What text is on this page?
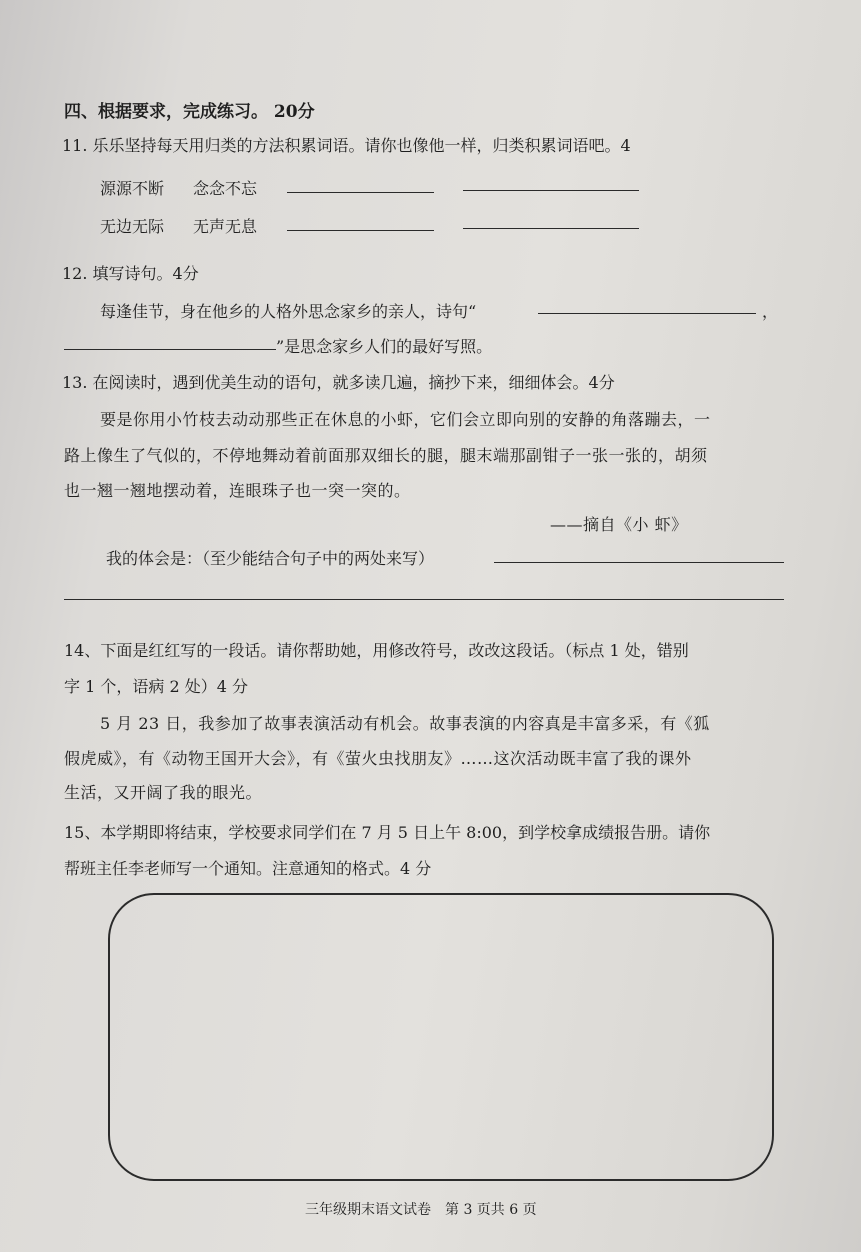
四、根据要求，完成练习。 20分
11. 乐乐坚持每天用归类的方法积累词语。请你也像他一样，归类积累词语吧。4
源源不断 念念不忘
无边无际 无声无息
12. 填写诗句。4分
每逢佳节，身在他乡的人格外思念家乡的亲人，诗句“	，
”是思念家乡人们的最好写照。
13. 在阅读时，遇到优美生动的语句，就多读几遍，摘抄下来，细细体会。4分
要是你用小竹枝去动动那些正在休息的小虾，它们会立即向别的安静的角落蹦去，一
路上像生了气似的，不停地舞动着前面那双细长的腿，腿末端那副钳子一张一张的，胡须
也一翘一翘地摆动着，连眼珠子也一突一突的。
——摘自《小 虾》
我的体会是：（至少能结合句子中的两处来写）
14、下面是红红写的一段话。请你帮助她，用修改符号，改改这段话。（标点 1 处，错别
字 1 个，语病 2 处）4 分
5 月 23 日，我参加了故事表演活动有机会。故事表演的内容真是丰富多采，有《狐
假虎威》，有《动物王国开大会》，有《萤火虫找朋友》……这次活动既丰富了我的课外
生活，又开阔了我的眼光。
15、本学期即将结束，学校要求同学们在 7 月 5 日上午 8:00，到学校拿成绩报告册。请你
帮班主任李老师写一个通知。注意通知的格式。4 分
三年级期末语文试卷　第 3 页共 6 页
